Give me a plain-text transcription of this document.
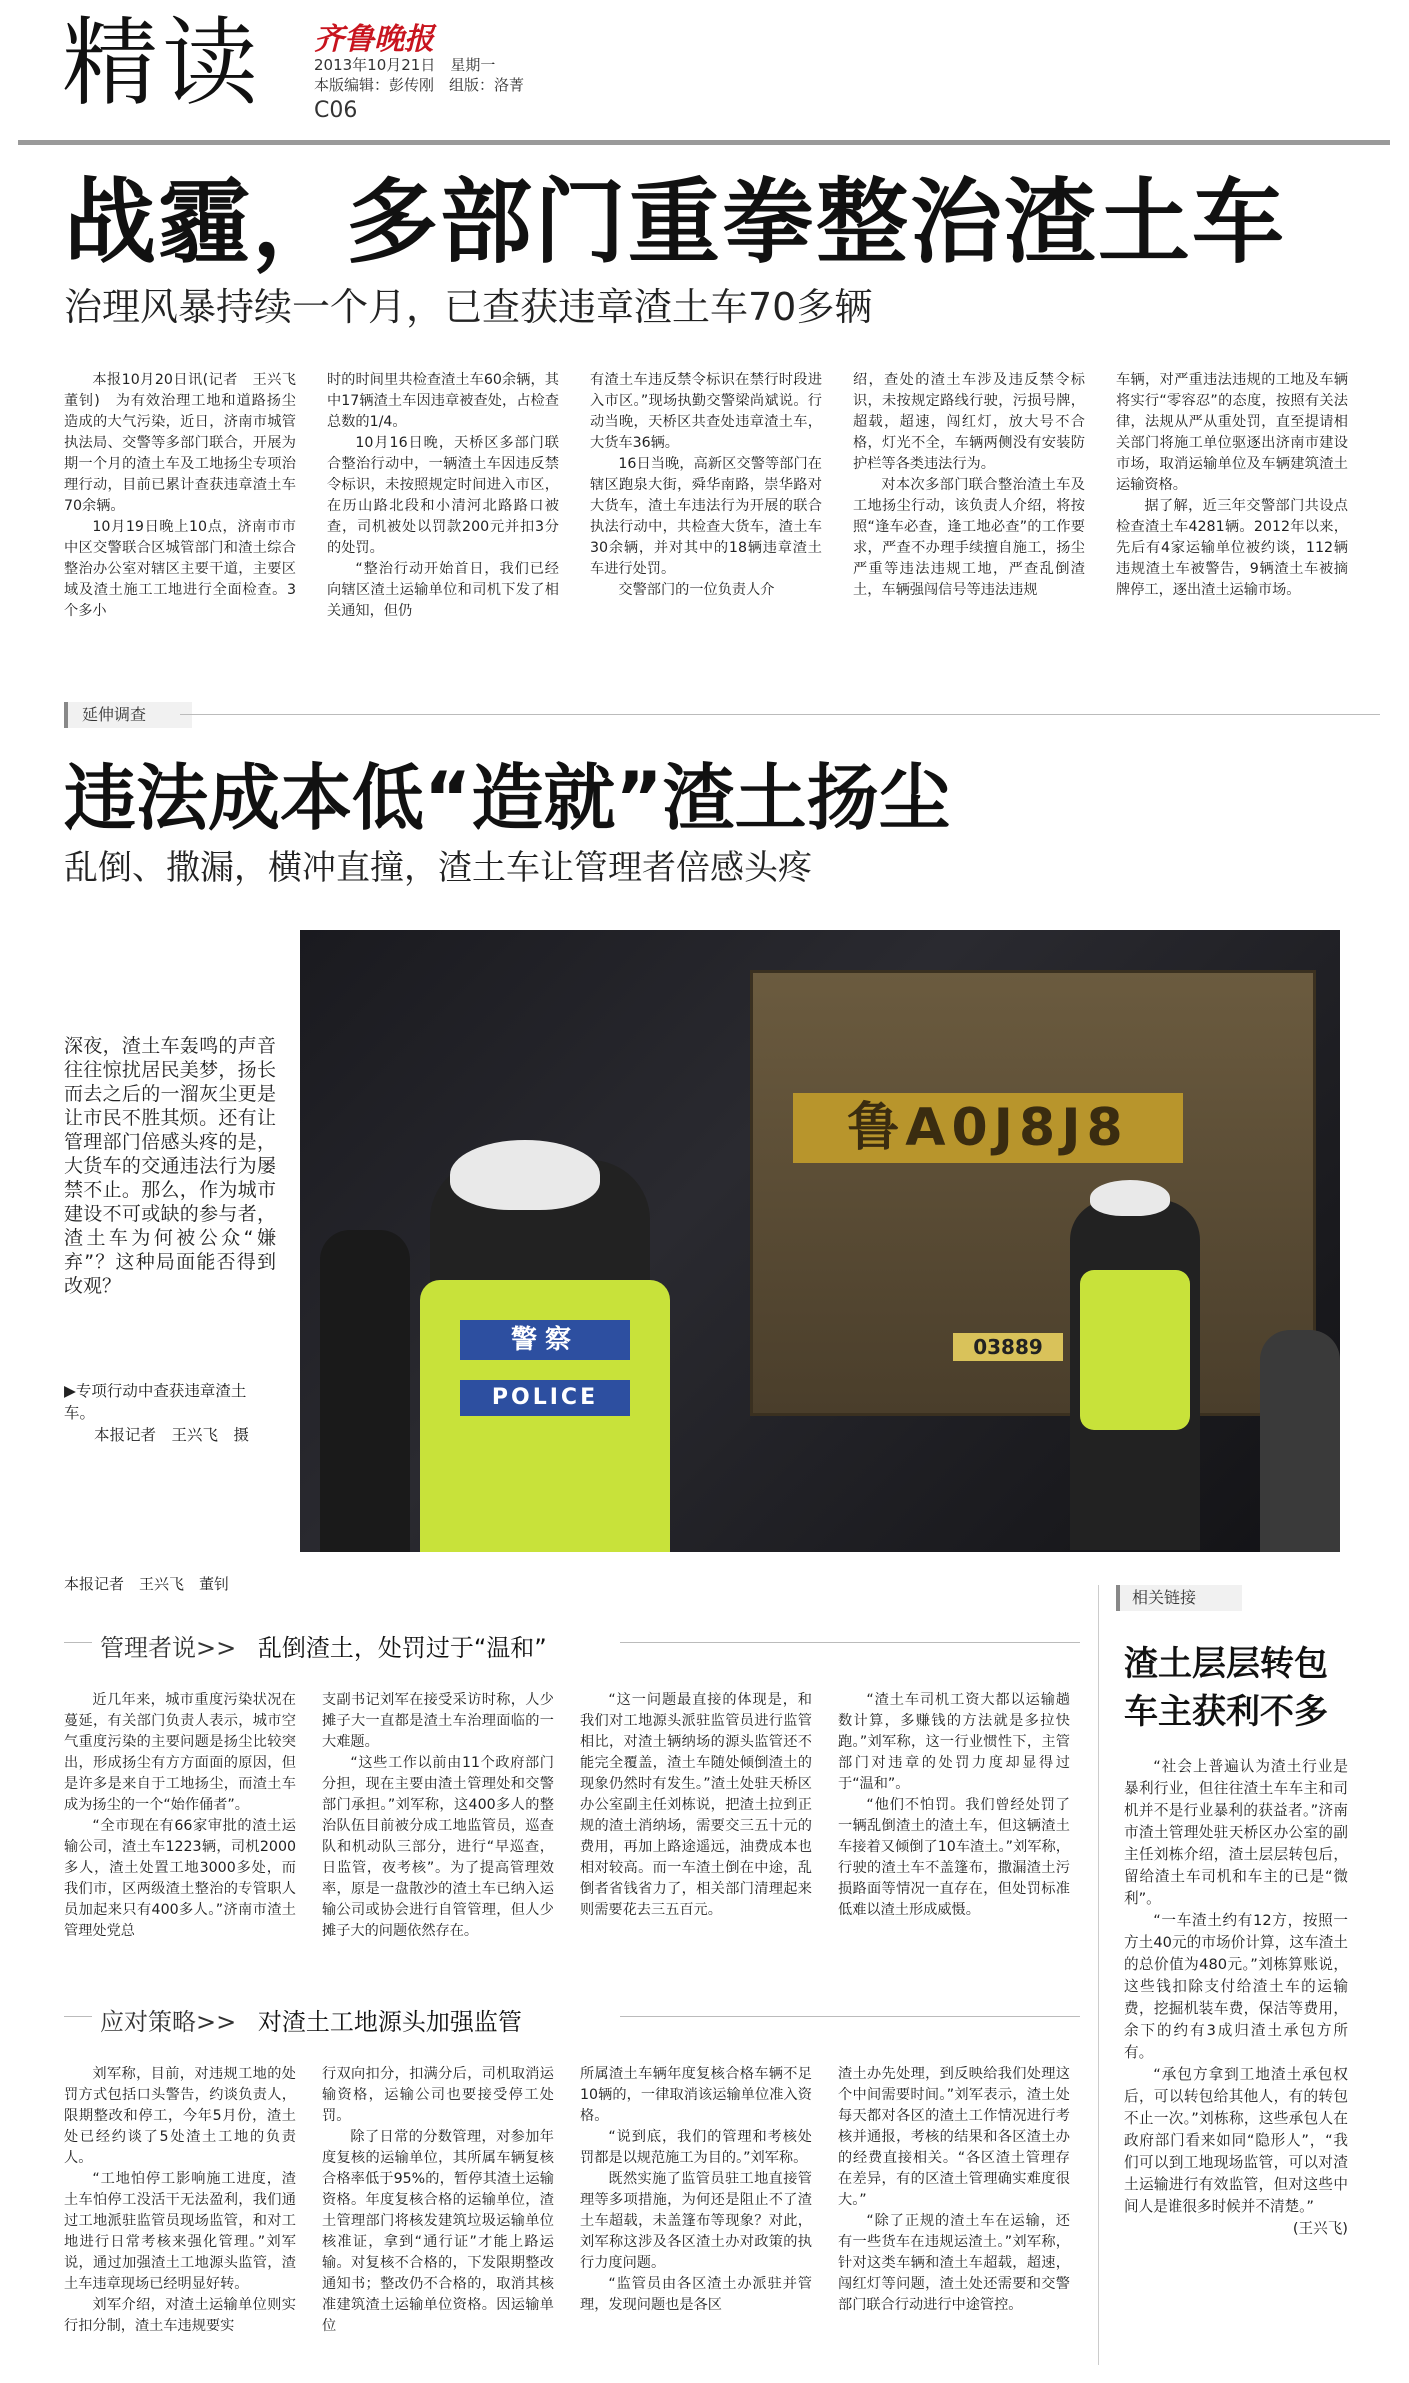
精读 齐鲁晚报
2013年10月21日　星期一
本版编辑：彭传刚　组版：洛菁
C06
战霾，多部门重拳整治渣土车
治理风暴持续一个月，已查获违章渣土车70多辆

本报10月20日讯(记者　王兴飞　董钊)　为有效治理工地和道路扬尘造成的大气污染，近日，济南市城管执法局、交警等多部门联合，开展为期一个月的渣土车及工地扬尘专项治理行动，目前已累计查获违章渣土车70余辆。

10月19日晚上10点，济南市市中区交警联合区城管部门和渣土综合整治办公室对辖区主要干道，主要区域及渣土施工工地进行全面检查。3个多小

时的时间里共检查渣土车60余辆，其中17辆渣土车因违章被查处，占检查总数的1/4。

10月16日晚，天桥区多部门联合整治行动中，一辆渣土车因违反禁令标识，未按照规定时间进入市区，在历山路北段和小清河北路路口被查，司机被处以罚款200元并扣3分的处罚。

“整治行动开始首日，我们已经向辖区渣土运输单位和司机下发了相关通知，但仍

有渣土车违反禁令标识在禁行时段进入市区。”现场执勤交警梁尚斌说。行动当晚，天桥区共查处违章渣土车，大货车36辆。

16日当晚，高新区交警等部门在辖区跑泉大街，舜华南路，崇华路对大货车，渣土车违法行为开展的联合执法行动中，共检查大货车，渣土车30余辆，并对其中的18辆违章渣土车进行处罚。

交警部门的一位负责人介

绍，查处的渣土车涉及违反禁令标识，未按规定路线行驶，污损号牌，超载，超速，闯红灯，放大号不合格，灯光不全，车辆两侧没有安装防护栏等各类违法行为。

对本次多部门联合整治渣土车及工地扬尘行动，该负责人介绍，将按照“逢车必查，逢工地必查”的工作要求，严查不办理手续擅自施工，扬尘严重等违法违规工地，严查乱倒渣土，车辆强闯信号等违法违规

车辆，对严重违法违规的工地及车辆将实行“零容忍”的态度，按照有关法律，法规从严从重处罚，直至提请相关部门将施工单位驱逐出济南市建设市场，取消运输单位及车辆建筑渣土运输资格。

据了解，近三年交警部门共设点检查渣土车4281辆。2012年以来，先后有4家运输单位被约谈，112辆违规渣土车被警告，9辆渣土车被摘牌停工，逐出渣土运输市场。

延伸调查
违法成本低“造就”渣土扬尘
乱倒、撒漏，横冲直撞，渣土车让管理者倍感头疼
鲁A0J8J8
03889
警察
POLICE
深夜，渣土车轰鸣的声音往往惊扰居民美梦，扬长而去之后的一溜灰尘更是让市民不胜其烦。还有让管理部门倍感头疼的是，大货车的交通违法行为屡禁不止。那么，作为城市建设不可或缺的参与者，渣土车为何被公众“嫌弃”？这种局面能否得到改观？
▶专项行动中查获违章渣土车。
本报记者　王兴飞　摄
本报记者　王兴飞　董钊
管理者说>> 乱倒渣土，处罚过于“温和”

近几年来，城市重度污染状况在蔓延，有关部门负责人表示，城市空气重度污染的主要问题是扬尘比较突出，形成扬尘有方方面面的原因，但是许多是来自于工地扬尘，而渣土车成为扬尘的一个“始作俑者”。

“全市现在有66家审批的渣土运输公司，渣土车1223辆，司机2000多人，渣土处置工地3000多处，而我们市，区两级渣土整治的专管职人员加起来只有400多人。”济南市渣土管理处党总

支副书记刘军在接受采访时称，人少摊子大一直都是渣土车治理面临的一大难题。

“这些工作以前由11个政府部门分担，现在主要由渣土管理处和交警部门承担。”刘军称，这400多人的整治队伍目前被分成工地监管员，巡查队和机动队三部分，进行“早巡查，日监管，夜考核”。为了提高管理效率，原是一盘散沙的渣土车已纳入运输公司或协会进行自管管理，但人少摊子大的问题依然存在。

“这一问题最直接的体现是，和我们对工地源头派驻监管员进行监管相比，对渣土辆纳场的源头监管还不能完全覆盖，渣土车随处倾倒渣土的现象仍然时有发生。”渣土处驻天桥区办公室副主任刘栋说，把渣土拉到正规的渣土消纳场，需要交三五十元的费用，再加上路途遥远，油费成本也相对较高。而一车渣土倒在中途，乱倒者省钱省力了，相关部门清理起来则需要花去三五百元。

“渣土车司机工资大都以运输趟数计算，多赚钱的方法就是多拉快跑。”刘军称，这一行业惯性下，主管部门对违章的处罚力度却显得过于“温和”。

“他们不怕罚。我们曾经处罚了一辆乱倒渣土的渣土车，但这辆渣土车接着又倾倒了10车渣土。”刘军称，行驶的渣土车不盖篷布，撒漏渣土污损路面等情况一直存在，但处罚标准低难以渣土形成威慑。

应对策略>> 对渣土工地源头加强监管

刘军称，目前，对违规工地的处罚方式包括口头警告，约谈负责人，限期整改和停工，今年5月份，渣土处已经约谈了5处渣土工地的负责人。

“工地怕停工影响施工进度，渣土车怕停工没活干无法盈利，我们通过工地派驻监管员现场监管，和对工地进行日常考核来强化管理。”刘军说，通过加强渣土工地源头监管，渣土车违章现场已经明显好转。

刘军介绍，对渣土运输单位则实行扣分制，渣土车违规要实

行双向扣分，扣满分后，司机取消运输资格，运输公司也要接受停工处罚。

除了日常的分数管理，对参加年度复核的运输单位，其所属车辆复核合格率低于95%的，暂停其渣土运输资格。年度复核合格的运输单位，渣土管理部门将核发建筑垃圾运输单位核准证，拿到“通行证”才能上路运输。对复核不合格的，下发限期整改通知书；整改仍不合格的，取消其核准建筑渣土运输单位资格。因运输单位

所属渣土车辆年度复核合格车辆不足10辆的，一律取消该运输单位准入资格。

“说到底，我们的管理和考核处罚都是以规范施工为目的。”刘军称。

既然实施了监管员驻工地直接管理等多项措施，为何还是阻止不了渣土车超载，未盖篷布等现象？对此，刘军称这涉及各区渣土办对政策的执行力度问题。

“监管员由各区渣土办派驻并管理，发现问题也是各区

渣土办先处理，到反映给我们处理这个中间需要时间。”刘军表示，渣土处每天都对各区的渣土工作情况进行考核并通报，考核的结果和各区渣土办的经费直接相关。“各区渣土管理存在差异，有的区渣土管理确实难度很大。”

“除了正规的渣土车在运输，还有一些货车在违规运渣土。”刘军称，针对这类车辆和渣土车超载，超速，闯红灯等问题，渣土处还需要和交警部门联合行动进行中途管控。

相关链接
渣土层层转包
车主获利不多

“社会上普遍认为渣土行业是暴利行业，但往往渣土车车主和司机并不是行业暴利的获益者。”济南市渣土管理处驻天桥区办公室的副主任刘栋介绍，渣土层层转包后，留给渣土车司机和车主的已是“微利”。

“一车渣土约有12方，按照一方土40元的市场价计算，这车渣土的总价值为480元。”刘栋算账说，这些钱扣除支付给渣土车的运输费，挖掘机装车费，保洁等费用，余下的约有3成归渣土承包方所有。

“承包方拿到工地渣土承包权后，可以转包给其他人，有的转包不止一次。”刘栋称，这些承包人在政府部门看来如同“隐形人”，“我们可以到工地现场监管，可以对渣土运输进行有效监管，但对这些中间人是谁很多时候并不清楚。”

(王兴飞)
